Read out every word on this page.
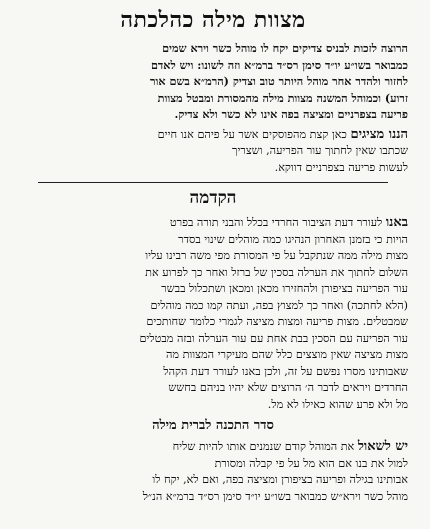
מצוות מילה כהלכתה
הרוצה לזכות לבניס צדיקים יקח לו מוהל כשר וירא שמים
כמבואר בשו״ע יו״ד סימן רס״ד ברמ״א וזה לשונו: ויש לאדם
לחזור ולהדר אחר מוהל היותר טוב וצדיק (הרמ״א בשם אור
זרוע) וכמוהל המשנה מצוות מילה מהמסורת ומבטל מצוות
פריעה בצפרניים ומציצה בפה אינו לא כשר ולא צדיק.
הננו מציגים כאן קצת מהפוסקים אשר על פיהם אנו חיים
שכתבו שאין לחתוך עור הפריעה, ושצריך
לעשות פריעה בצפרניים דווקא.
הקדמה
באנו לעורר דעת הציבור החרדי בכלל והבני תורה בפרט
הויות כי בזמנן האחרון הנהיגו כמה מוהלים שינוי בסדר
מצות מילה ממה שנתקבל על פי המסורת מפי משה רבינו עליו
השלום לחתוך את הערלה בסכין של ברזל ואחר כך לפרוע את
עור הפריעה בציפורן ולהחזירו מכאן ומכאן ושתכלול בבשר
(הלא לחתכה) ואחר כך למצוץ בפה, ועתה קמו כמה מוהלים
שמבטלים. מצות פריעה ומצות מציצה לגמרי כלומר שחותכים
עור הפריעה עם הסכין בבת אחת עם עור הערלה ובזה מבטלים
מצות מציצה שאין מוצצים כלל שהם מעיקרי המצוות מה
שאבותינו מסרו נפשם על זה, ולכן באנו לעורר דעת הקהל
החרדים ויראים לדבר ה׳ הרוצים שלא יהיו בניהם בחשש
מל ולא פרע שהוא כאילו לא מל.
סדר התכנה לברית מילה
יש לשאול את המוהל קודם שנמנים אותו להיות שליח
למול את בנו אם הוא מל על פי קבלה ומסורת
אבותינו בגילה ופריעה בציפורן ומציצה בפה, ואם לא, יקח לו
מוהל כשר וירא״ש כמבואר בשו״ע יו״ד סימן רס״ד ברמ״א הנ״ל
